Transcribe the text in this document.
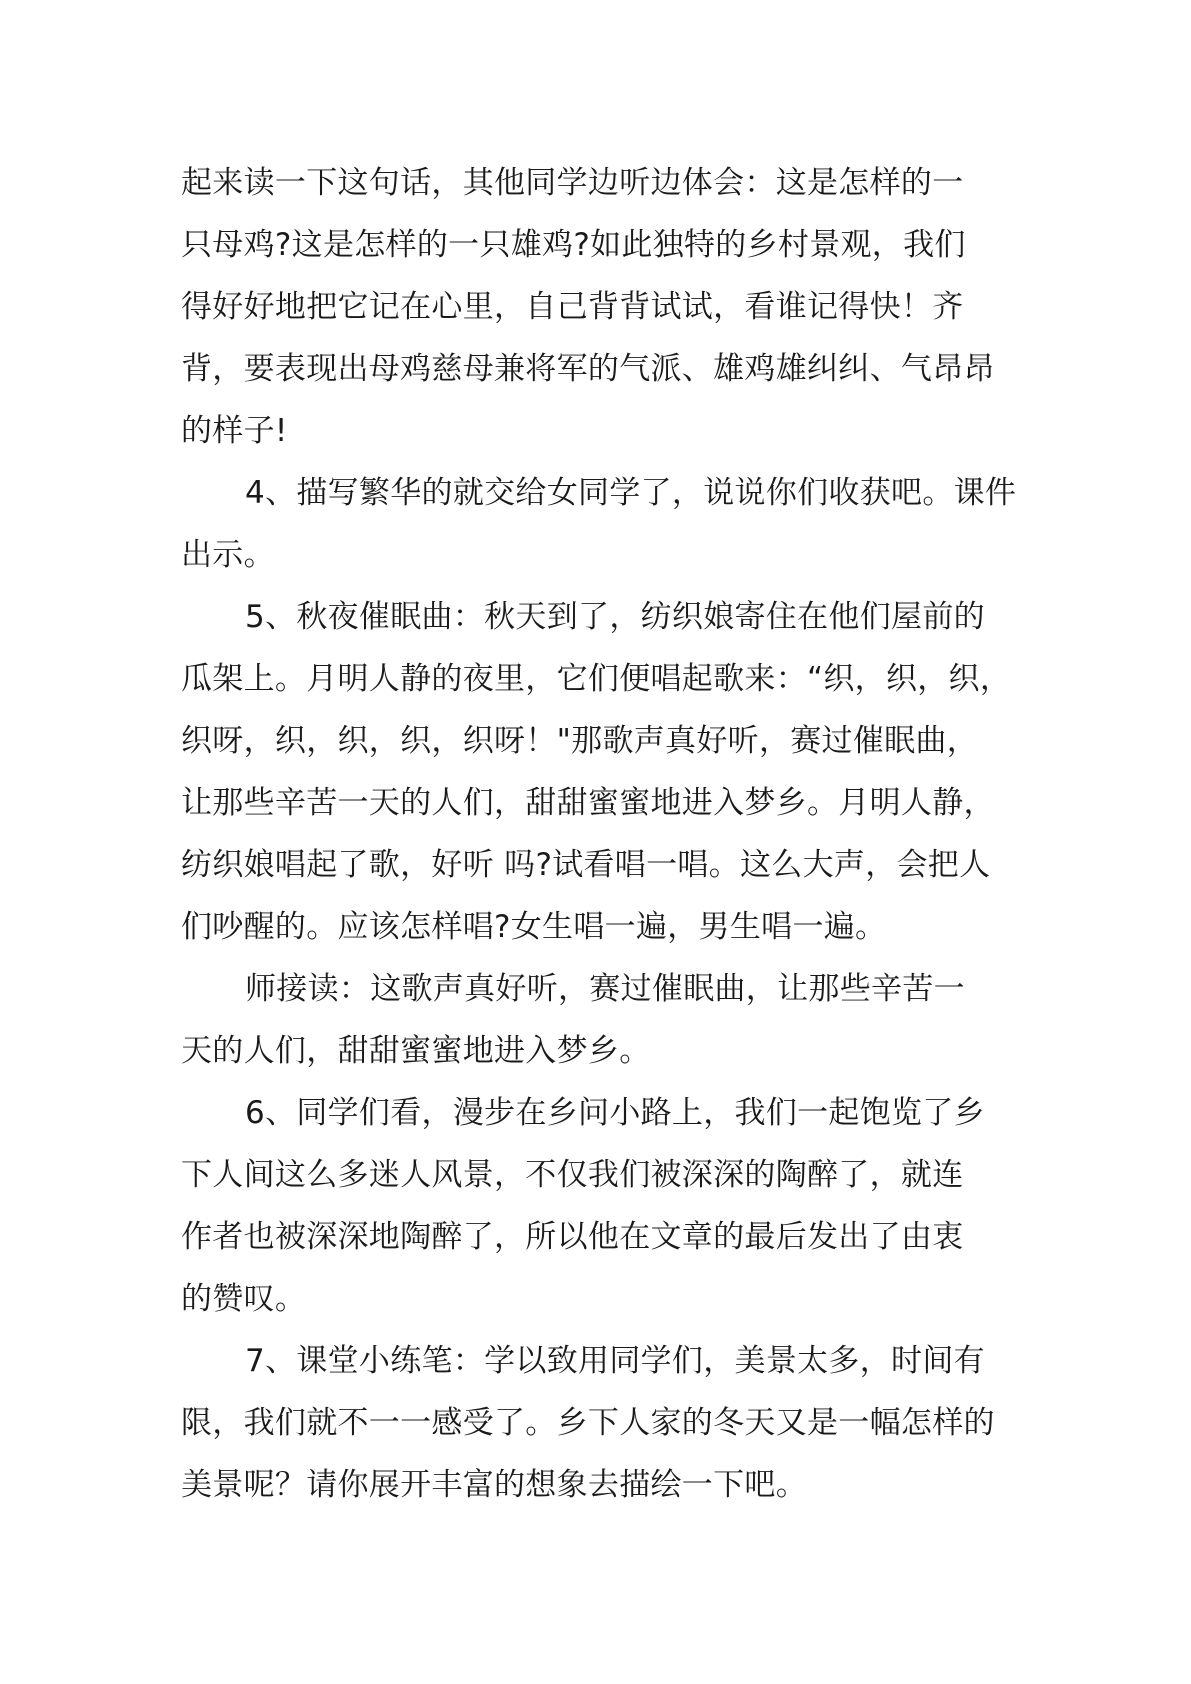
起来读一下这句话，其他同学边听边体会：这是怎样的一
只母鸡?这是怎样的一只雄鸡?如此独特的乡村景观，我们
得好好地把它记在心里，自己背背试试，看谁记得快！齐
背，要表现出母鸡慈母兼将军的气派、雄鸡雄纠纠、气昂昂
的样子!
4、描写繁华的就交给女同学了，说说你们收获吧。课件
出示。
5、秋夜催眠曲：秋天到了，纺织娘寄住在他们屋前的
瓜架上。月明人静的夜里，它们便唱起歌来：“织，织，织，
织呀，织，织，织，织呀！"那歌声真好听，赛过催眠曲，
让那些辛苦一天的人们，甜甜蜜蜜地进入梦乡。月明人静，
纺织娘唱起了歌，好听 吗?试看唱一唱。这么大声，会把人
们吵醒的。应该怎样唱?女生唱一遍，男生唱一遍。
师接读：这歌声真好听，赛过催眠曲，让那些辛苦一
天的人们，甜甜蜜蜜地进入梦乡。
6、同学们看，漫步在乡问小路上，我们一起饱览了乡
下人间这么多迷人风景，不仅我们被深深的陶醉了，就连
作者也被深深地陶醉了，所以他在文章的最后发出了由衷
的赞叹。
7、课堂小练笔：学以致用同学们，美景太多，时间有
限，我们就不一一感受了。乡下人家的冬天又是一幅怎样的
美景呢？请你展开丰富的想象去描绘一下吧。
